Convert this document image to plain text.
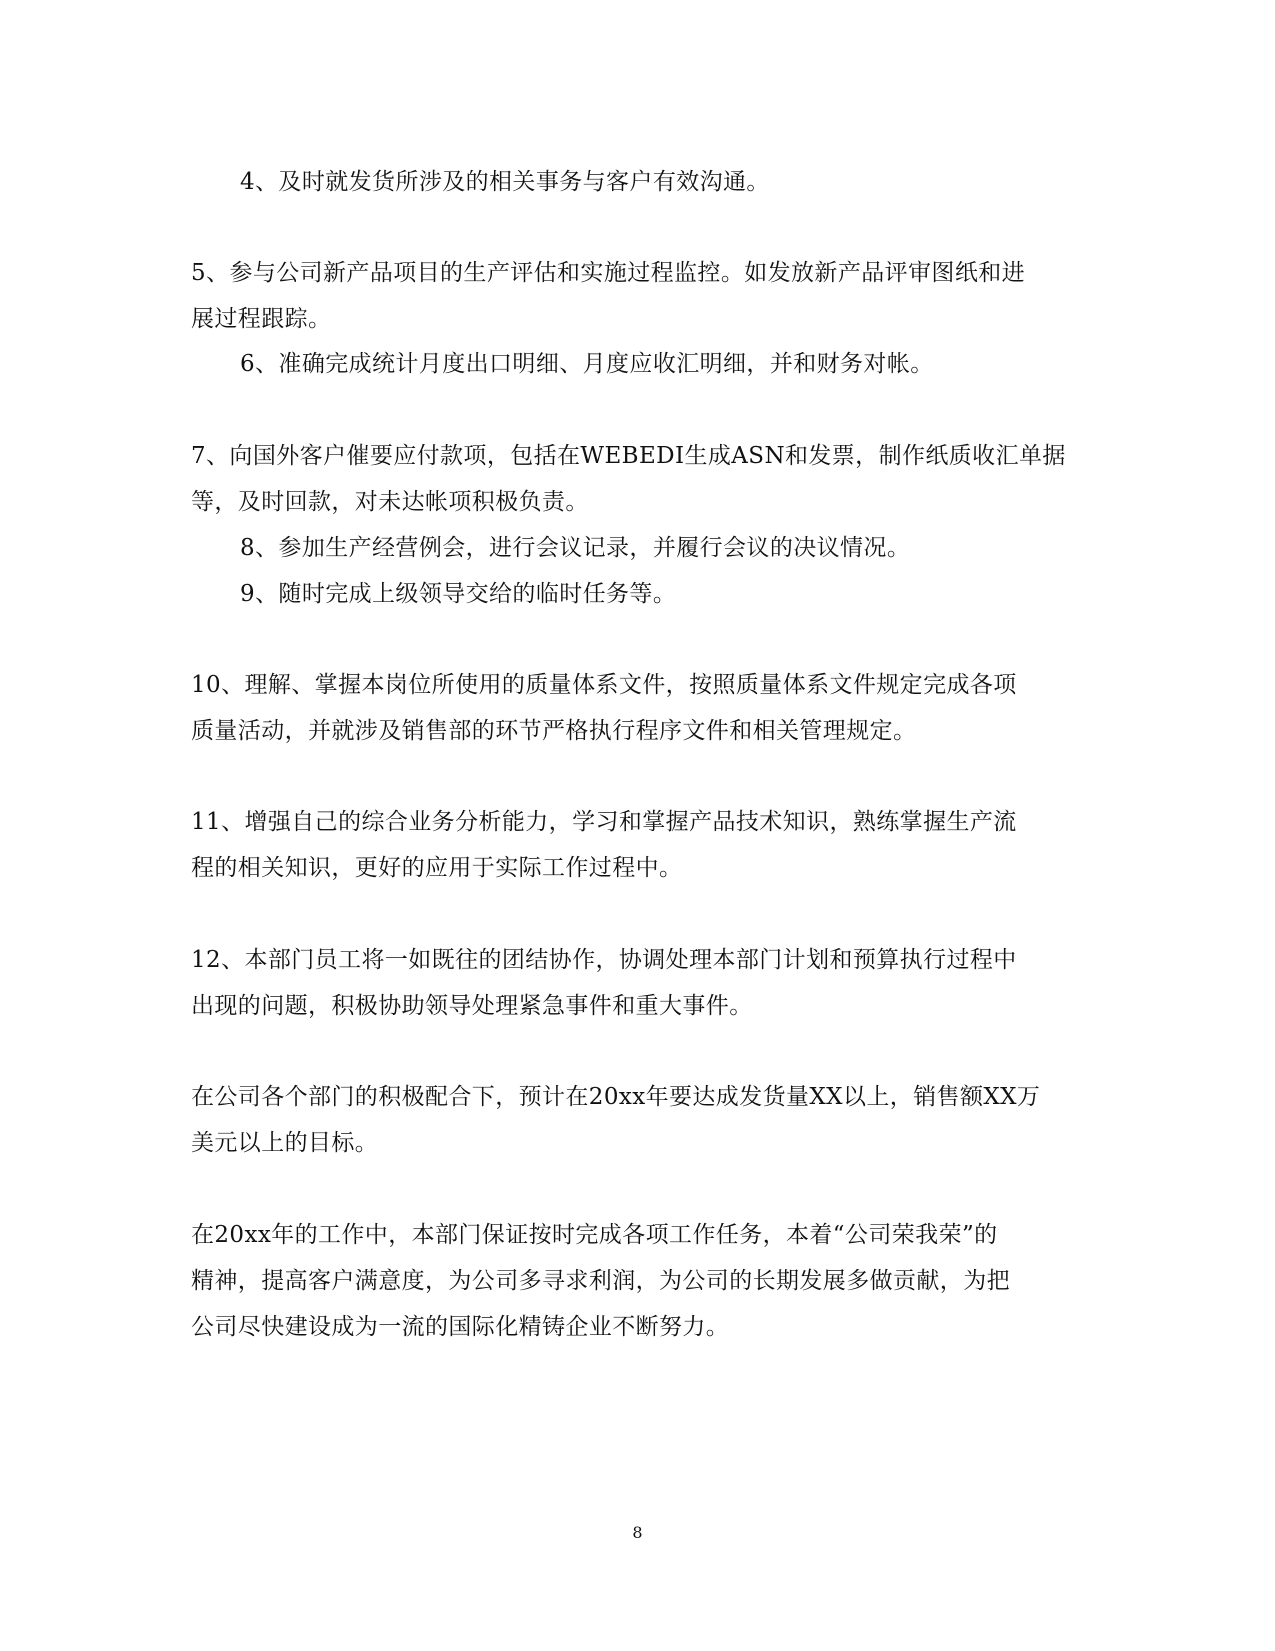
4、及时就发货所涉及的相关事务与客户有效沟通。
5、参与公司新产品项目的生产评估和实施过程监控。如发放新产品评审图纸和进
展过程跟踪。
6、准确完成统计月度出口明细、月度应收汇明细，并和财务对帐。
7、向国外客户催要应付款项，包括在WEBEDI生成ASN和发票，制作纸质收汇单据
等，及时回款，对未达帐项积极负责。
8、参加生产经营例会，进行会议记录，并履行会议的决议情况。
9、随时完成上级领导交给的临时任务等。
10、理解、掌握本岗位所使用的质量体系文件，按照质量体系文件规定完成各项
质量活动，并就涉及销售部的环节严格执行程序文件和相关管理规定。
11、增强自己的综合业务分析能力，学习和掌握产品技术知识，熟练掌握生产流
程的相关知识，更好的应用于实际工作过程中。
12、本部门员工将一如既往的团结协作，协调处理本部门计划和预算执行过程中
出现的问题，积极协助领导处理紧急事件和重大事件。
在公司各个部门的积极配合下，预计在20xx年要达成发货量XX以上，销售额XX万
美元以上的目标。
在20xx年的工作中，本部门保证按时完成各项工作任务，本着“公司荣我荣”的
精神，提高客户满意度，为公司多寻求利润，为公司的长期发展多做贡献，为把
公司尽快建设成为一流的国际化精铸企业不断努力。
8
